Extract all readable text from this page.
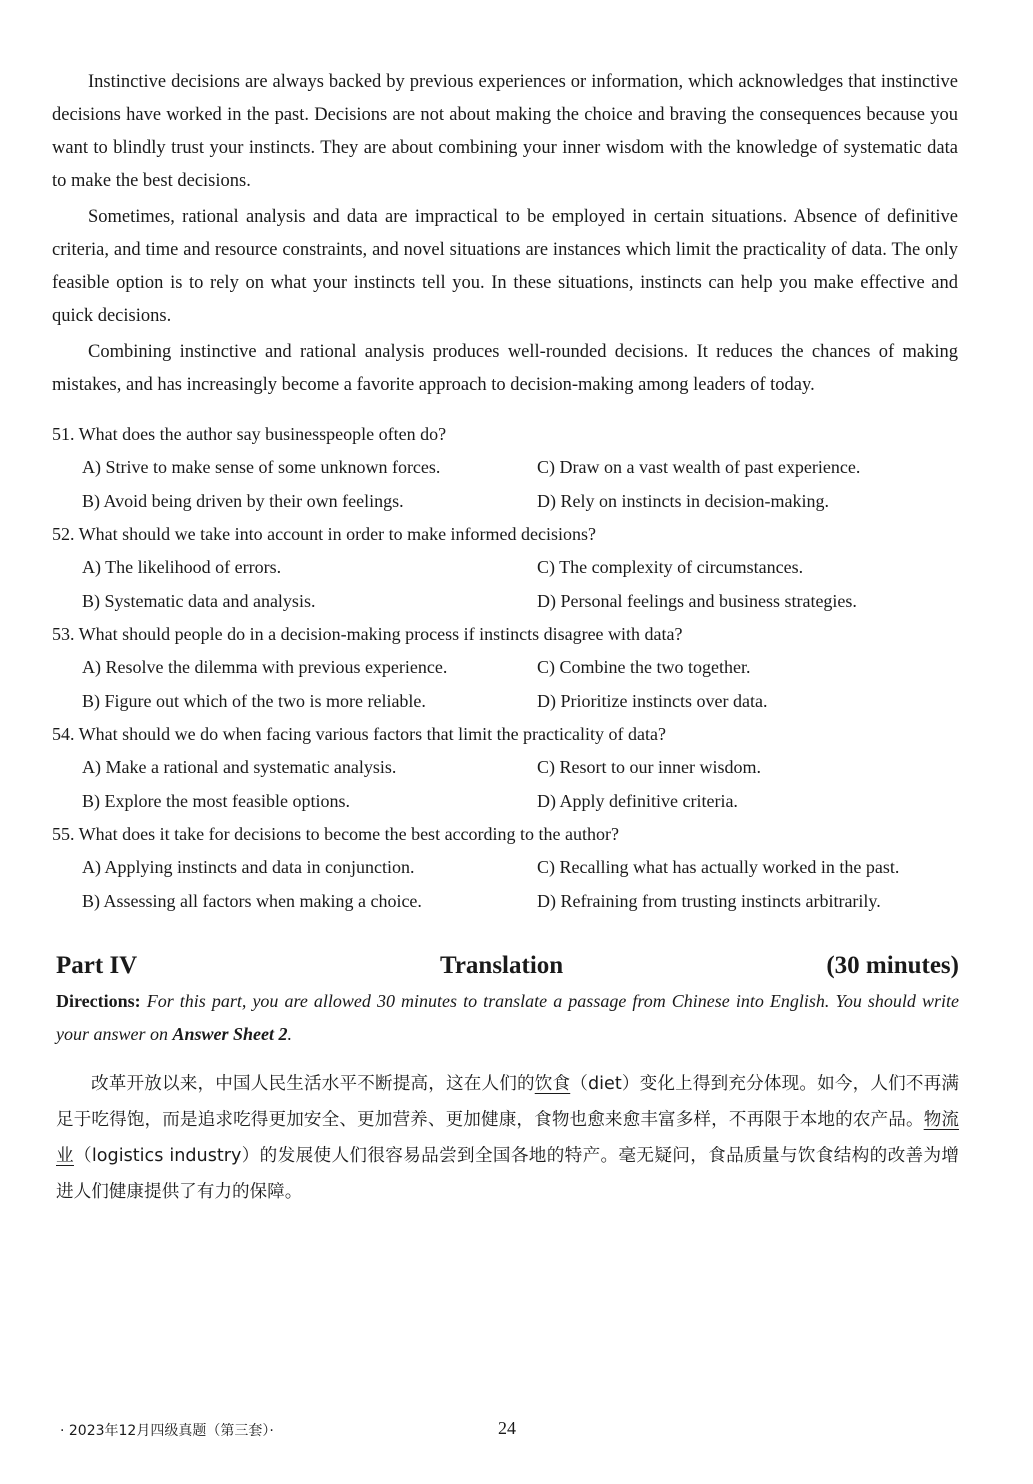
Instinctive decisions are always backed by previous experiences or information, which acknowledges that instinctive decisions have worked in the past. Decisions are not about making the choice and braving the consequences because you want to blindly trust your instincts. They are about combining your inner wisdom with the knowledge of systematic data to make the best decisions.

Sometimes, rational analysis and data are impractical to be employed in certain situations. Absence of definitive criteria, and time and resource constraints, and novel situations are instances which limit the practicality of data. The only feasible option is to rely on what your instincts tell you. In these situations, instincts can help you make effective and quick decisions.

Combining instinctive and rational analysis produces well-rounded decisions. It reduces the chances of making mistakes, and has increasingly become a favorite approach to decision-making among leaders of today.

51. What does the author say businesspeople often do?
A) Strive to make sense of some unknown forces.	C) Draw on a vast wealth of past experience.
B) Avoid being driven by their own feelings.	D) Rely on instincts in decision-making.
52. What should we take into account in order to make informed decisions?
A) The likelihood of errors.	C) The complexity of circumstances.
B) Systematic data and analysis.	D) Personal feelings and business strategies.
53. What should people do in a decision-making process if instincts disagree with data?
A) Resolve the dilemma with previous experience.	C) Combine the two together.
B) Figure out which of the two is more reliable.	D) Prioritize instincts over data.
54. What should we do when facing various factors that limit the practicality of data?
A) Make a rational and systematic analysis.	C) Resort to our inner wisdom.
B) Explore the most feasible options.	D) Apply definitive criteria.
55. What does it take for decisions to become the best according to the author?
A) Applying instincts and data in conjunction.	C) Recalling what has actually worked in the past.
B) Assessing all factors when making a choice.	D) Refraining from trusting instincts arbitrarily.
Part IV	Translation	(30 minutes)
Directions: For this part, you are allowed 30 minutes to translate a passage from Chinese into English. You should write your answer on Answer Sheet 2.
改革开放以来，中国人民生活水平不断提高，这在人们的饮食（diet）变化上得到充分体现。如今，人们不再满足于吃得饱，而是追求吃得更加安全、更加营养、更加健康，食物也愈来愈丰富多样，不再限于本地的农产品。物流业（logistics industry）的发展使人们很容易品尝到全国各地的特产。毫无疑问，食品质量与饮食结构的改善为增进人们健康提供了有力的保障。
· 2023年12月四级真题（第三套）·	24
